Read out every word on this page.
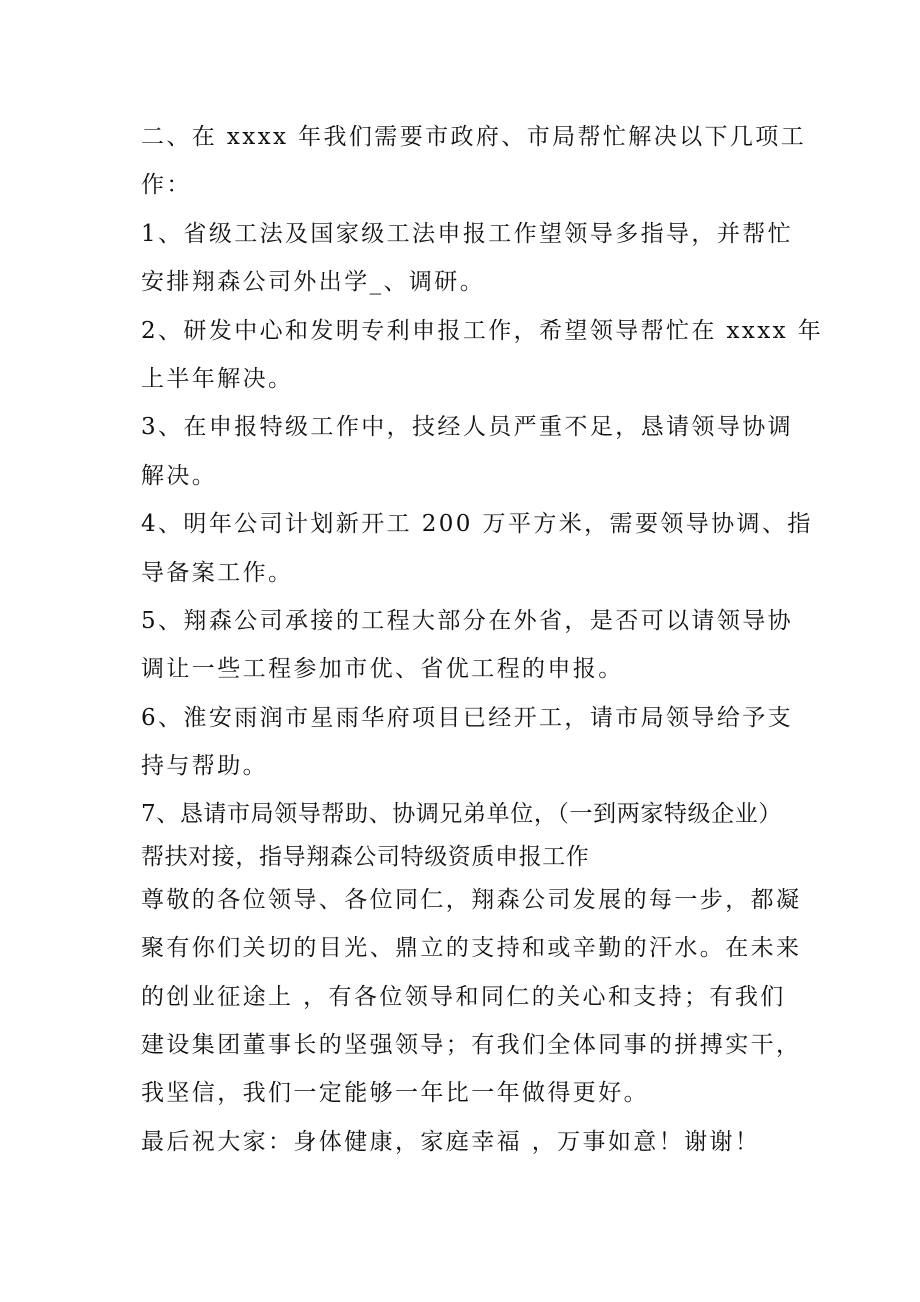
二、在 xxxx 年我们需要市政府、市局帮忙解决以下几项工
作：
1、省级工法及国家级工法申报工作望领导多指导，并帮忙
安排翔森公司外出学_、调研。
2、研发中心和发明专利申报工作，希望领导帮忙在 xxxx 年
上半年解决。
3、在申报特级工作中，技经人员严重不足，恳请领导协调
解决。
4、明年公司计划新开工 200 万平方米，需要领导协调、指
导备案工作。
5、翔森公司承接的工程大部分在外省，是否可以请领导协
调让一些工程参加市优、省优工程的申报。
6、淮安雨润市星雨华府项目已经开工，请市局领导给予支
持与帮助。
7、恳请市局领导帮助、协调兄弟单位，（一到两家特级企业）
帮扶对接，指导翔森公司特级资质申报工作
尊敬的各位领导、各位同仁，翔森公司发展的每一步，都凝
聚有你们关切的目光、鼎立的支持和或辛勤的汗水。在未来
的创业征途上 ，有各位领导和同仁的关心和支持；有我们
建设集团董事长的坚强领导；有我们全体同事的拼搏实干，
我坚信，我们一定能够一年比一年做得更好。
最后祝大家：身体健康，家庭幸福 ，万事如意！谢谢！
